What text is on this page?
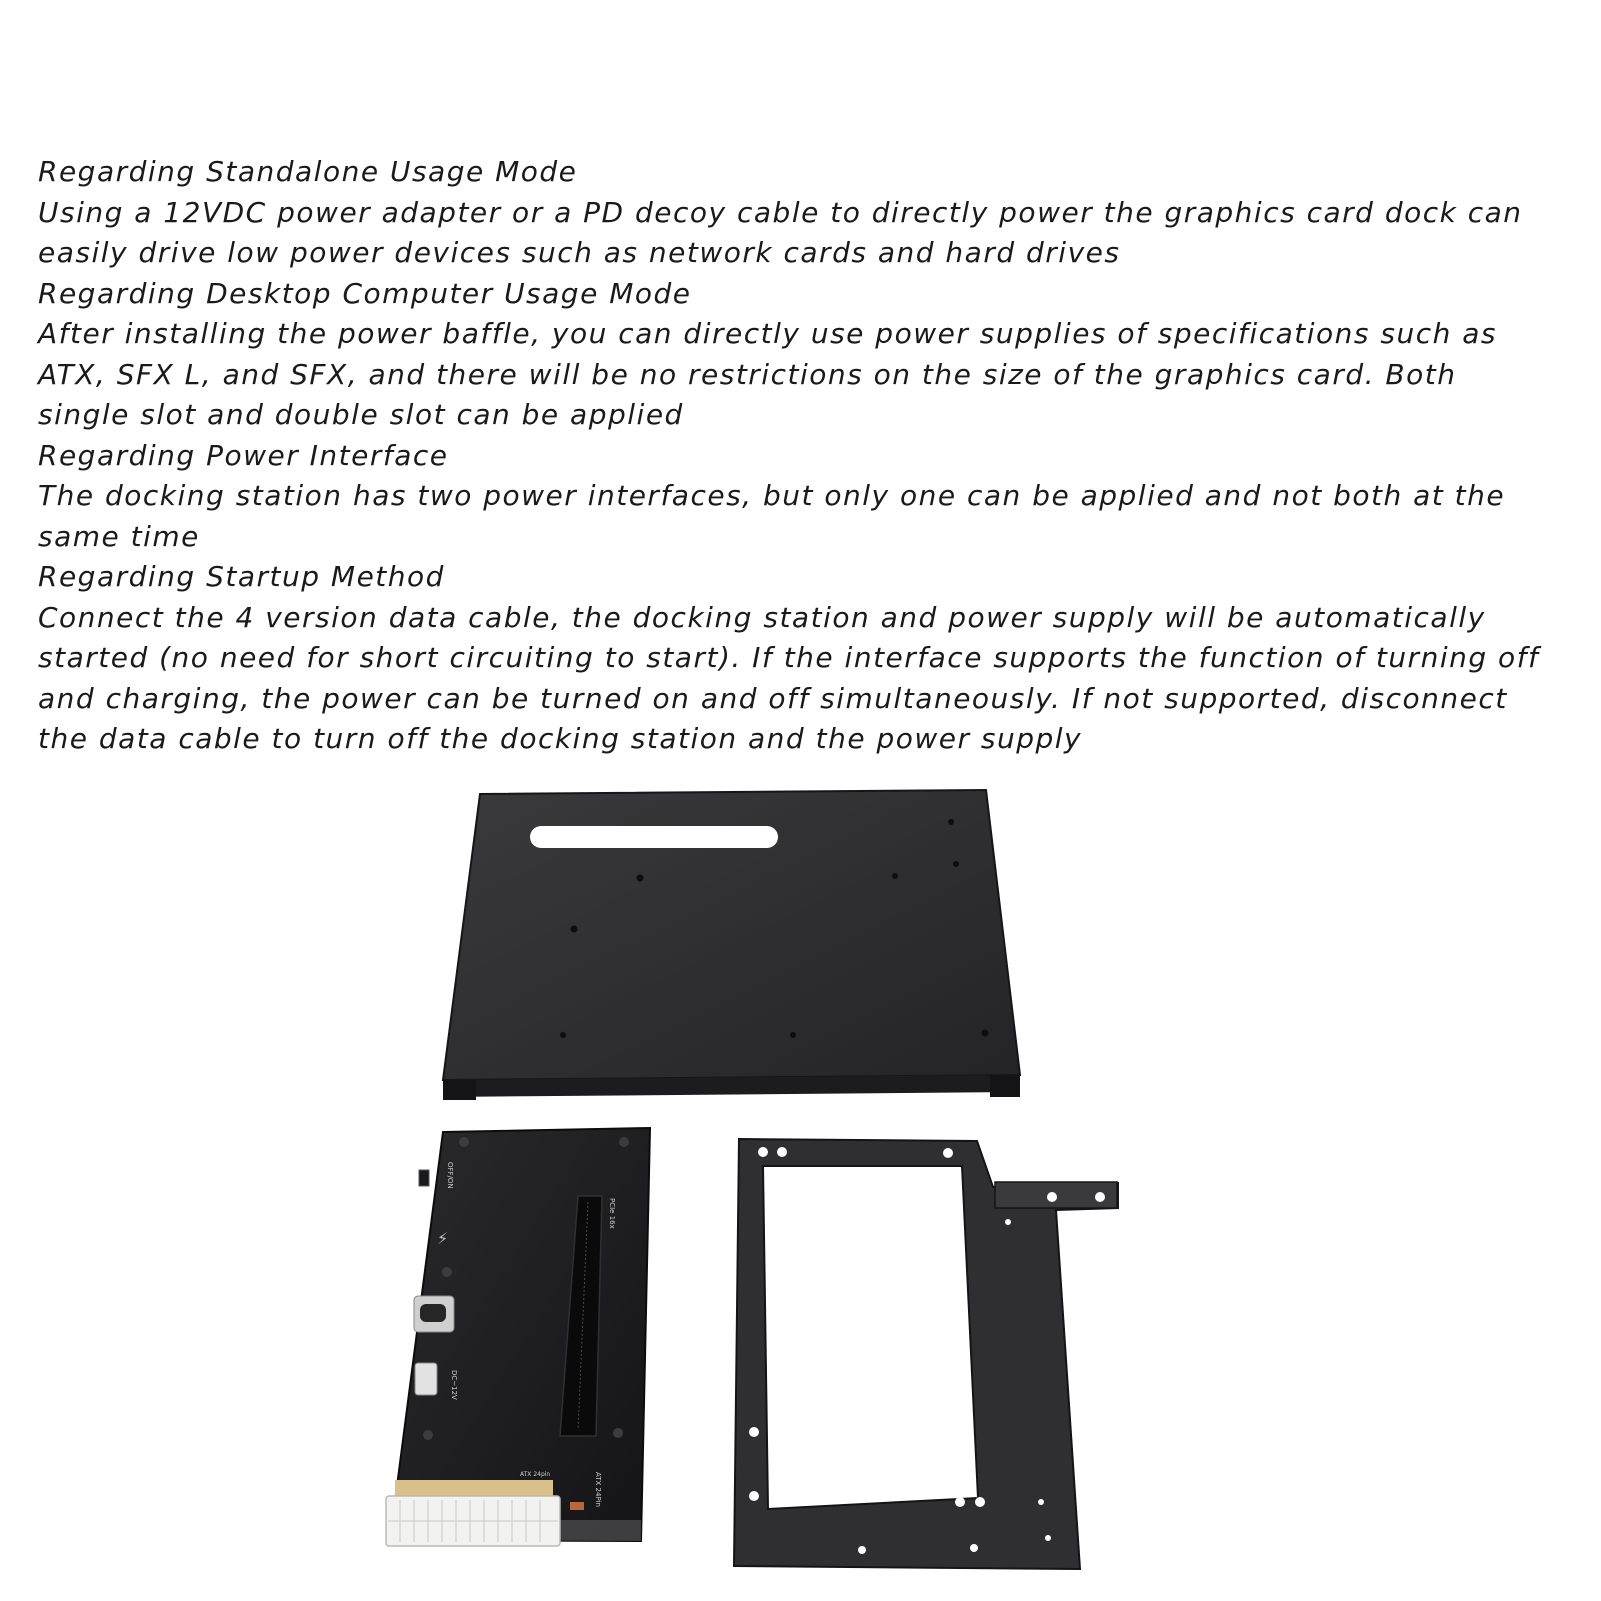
Regarding Standalone Usage Mode

Using a 12VDC power adapter or a PD decoy cable to directly power the graphics card dock can

easily drive low power devices such as network cards and hard drives

Regarding Desktop Computer Usage Mode

After installing the power baffle, you can directly use power supplies of specifications such as

ATX, SFX L, and SFX, and there will be no restrictions on the size of the graphics card. Both

single slot and double slot can be applied

Regarding Power Interface

The docking station has two power interfaces, but only one can be applied and not both at the

same time

Regarding Startup Method

Connect the 4 version data cable, the docking station and power supply will be automatically

started (no need for short circuiting to start). If the interface supports the function of turning off

and charging, the power can be turned on and off simultaneously. If not supported, disconnect

the data cable to turn off the docking station and the power supply

⚡
OFF/ON
PCIe 16x
DC~12V
ATX 24Pin
ATX 24pin
